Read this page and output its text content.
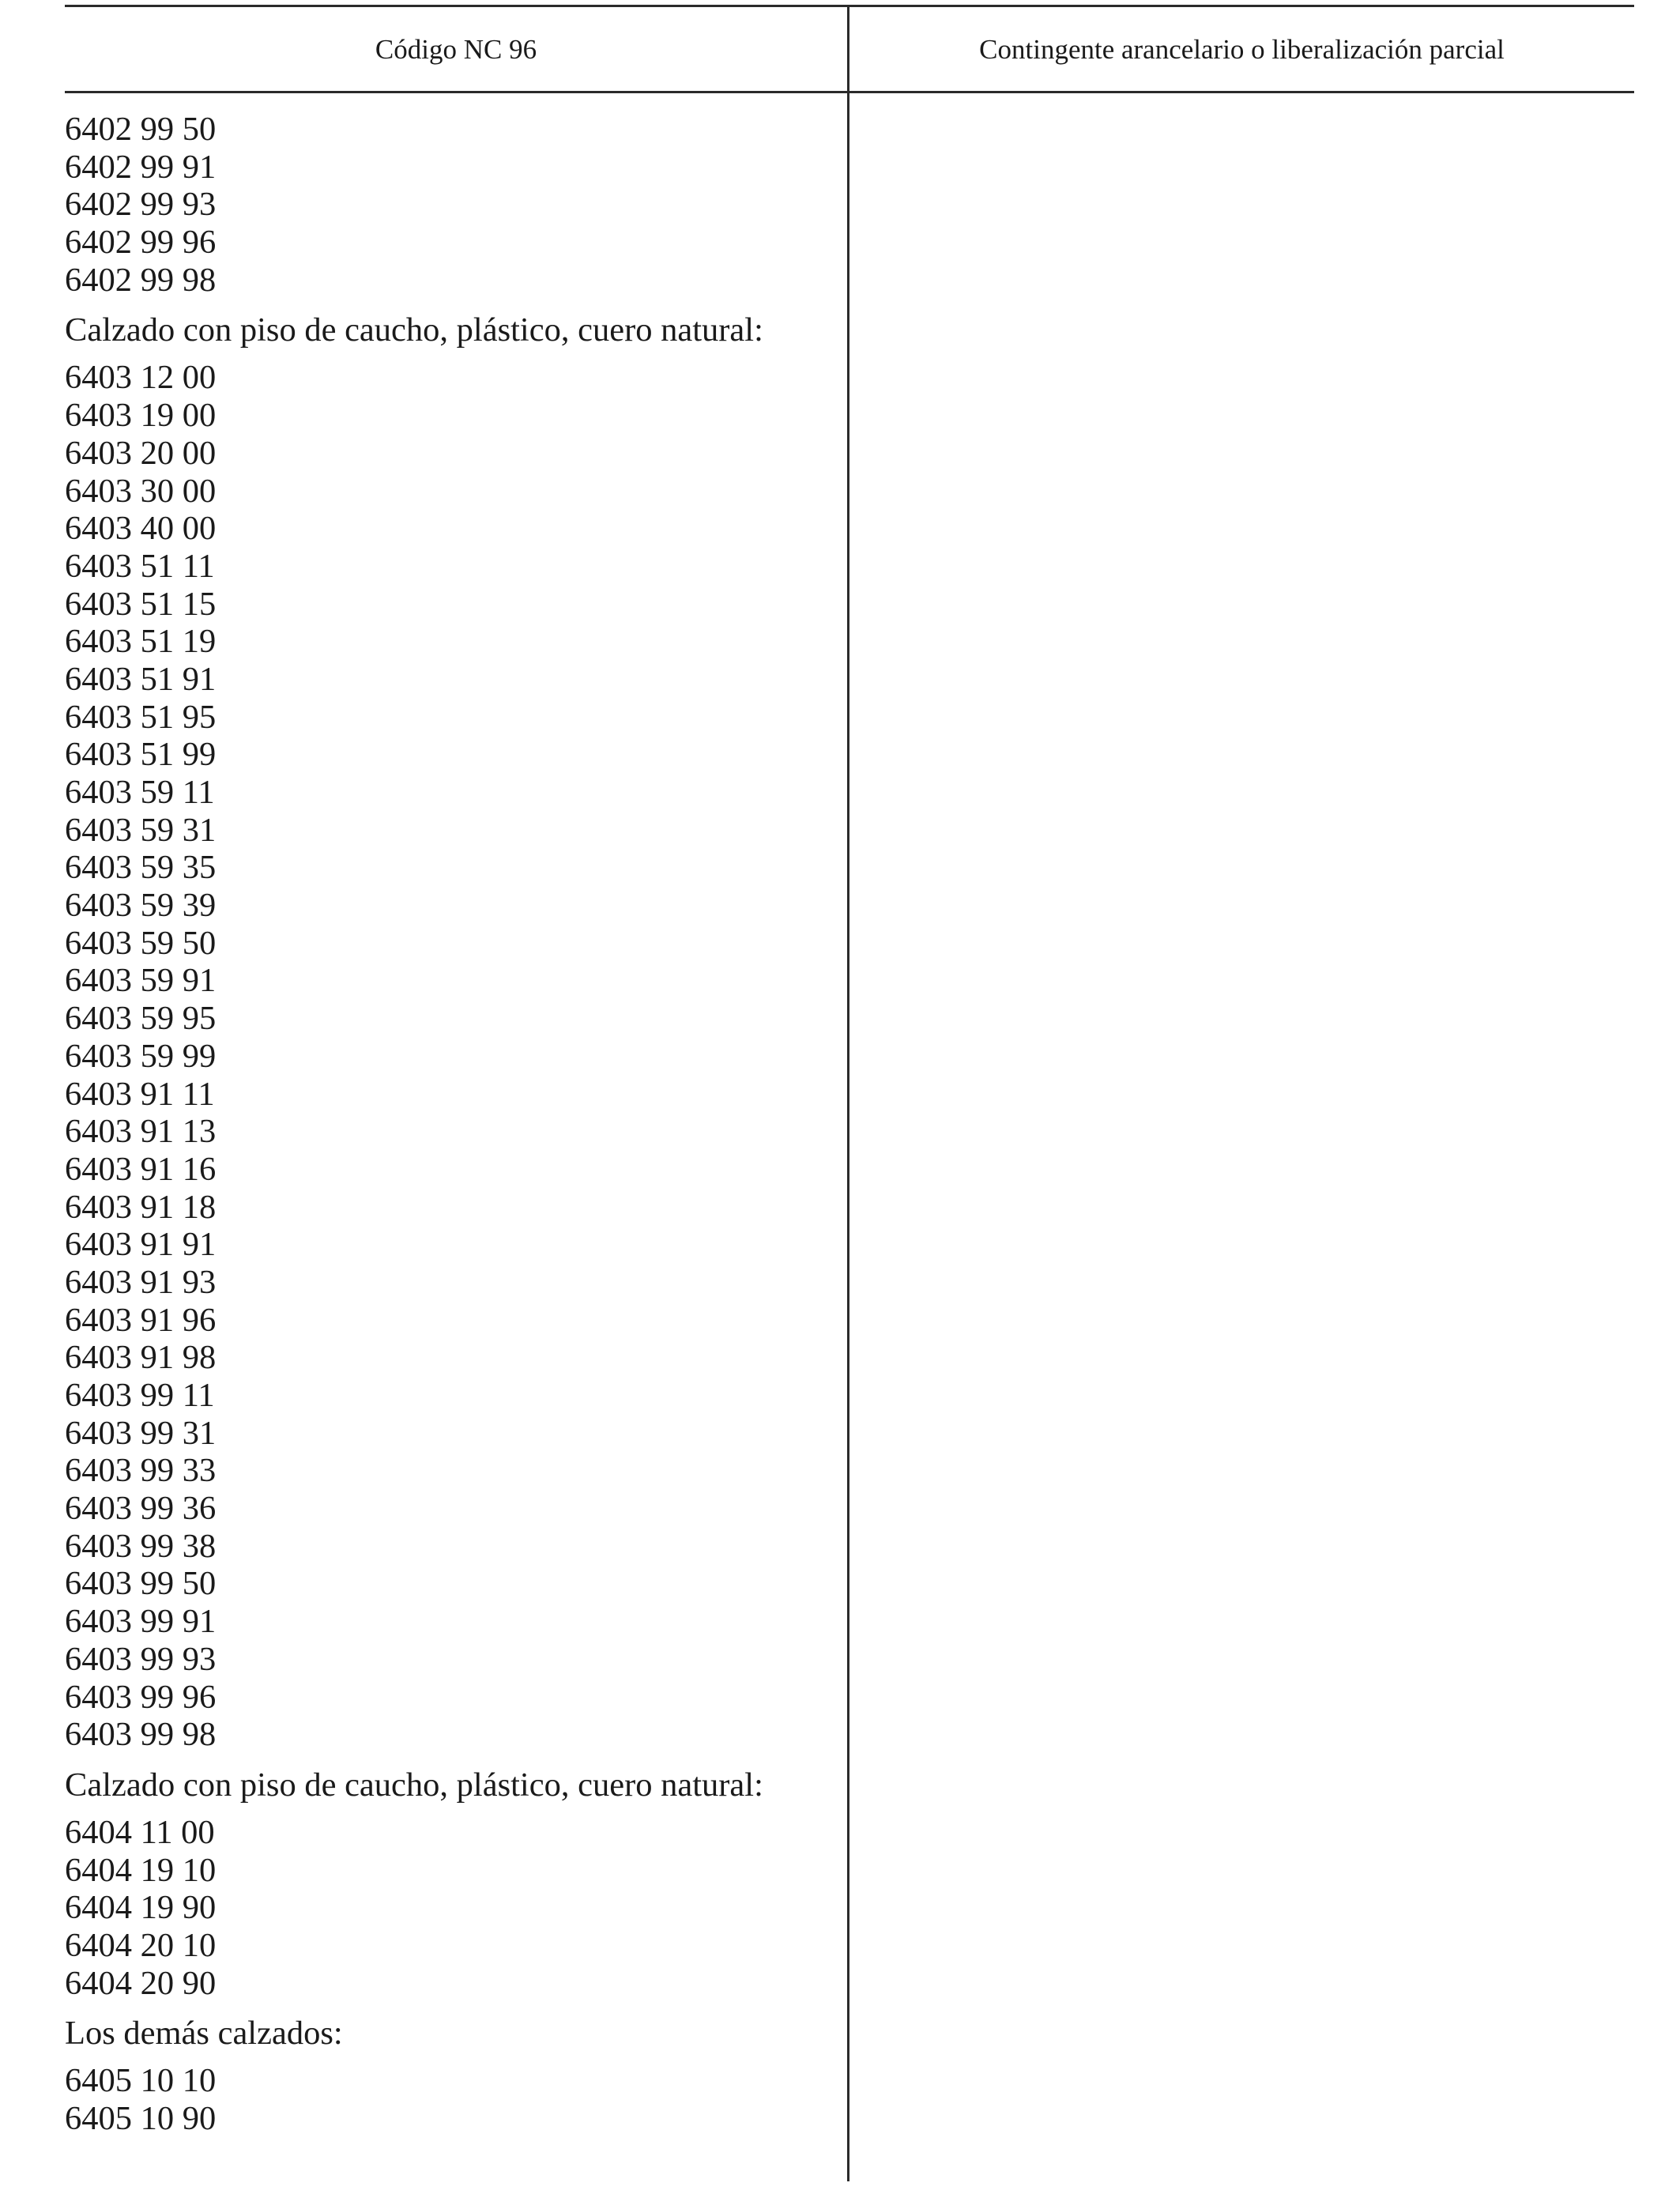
Código NC 96	Contingente arancelario o liberalización parcial
6402 99 50
6402 99 91
6402 99 93
6402 99 96
6402 99 98
Calzado con piso de caucho, plástico, cuero natural:
6403 12 00
6403 19 00
6403 20 00
6403 30 00
6403 40 00
6403 51 11
6403 51 15
6403 51 19
6403 51 91
6403 51 95
6403 51 99
6403 59 11
6403 59 31
6403 59 35
6403 59 39
6403 59 50
6403 59 91
6403 59 95
6403 59 99
6403 91 11
6403 91 13
6403 91 16
6403 91 18
6403 91 91
6403 91 93
6403 91 96
6403 91 98
6403 99 11
6403 99 31
6403 99 33
6403 99 36
6403 99 38
6403 99 50
6403 99 91
6403 99 93
6403 99 96
6403 99 98
Calzado con piso de caucho, plástico, cuero natural:
6404 11 00
6404 19 10
6404 19 90
6404 20 10
6404 20 90
Los demás calzados:
6405 10 10
6405 10 90
